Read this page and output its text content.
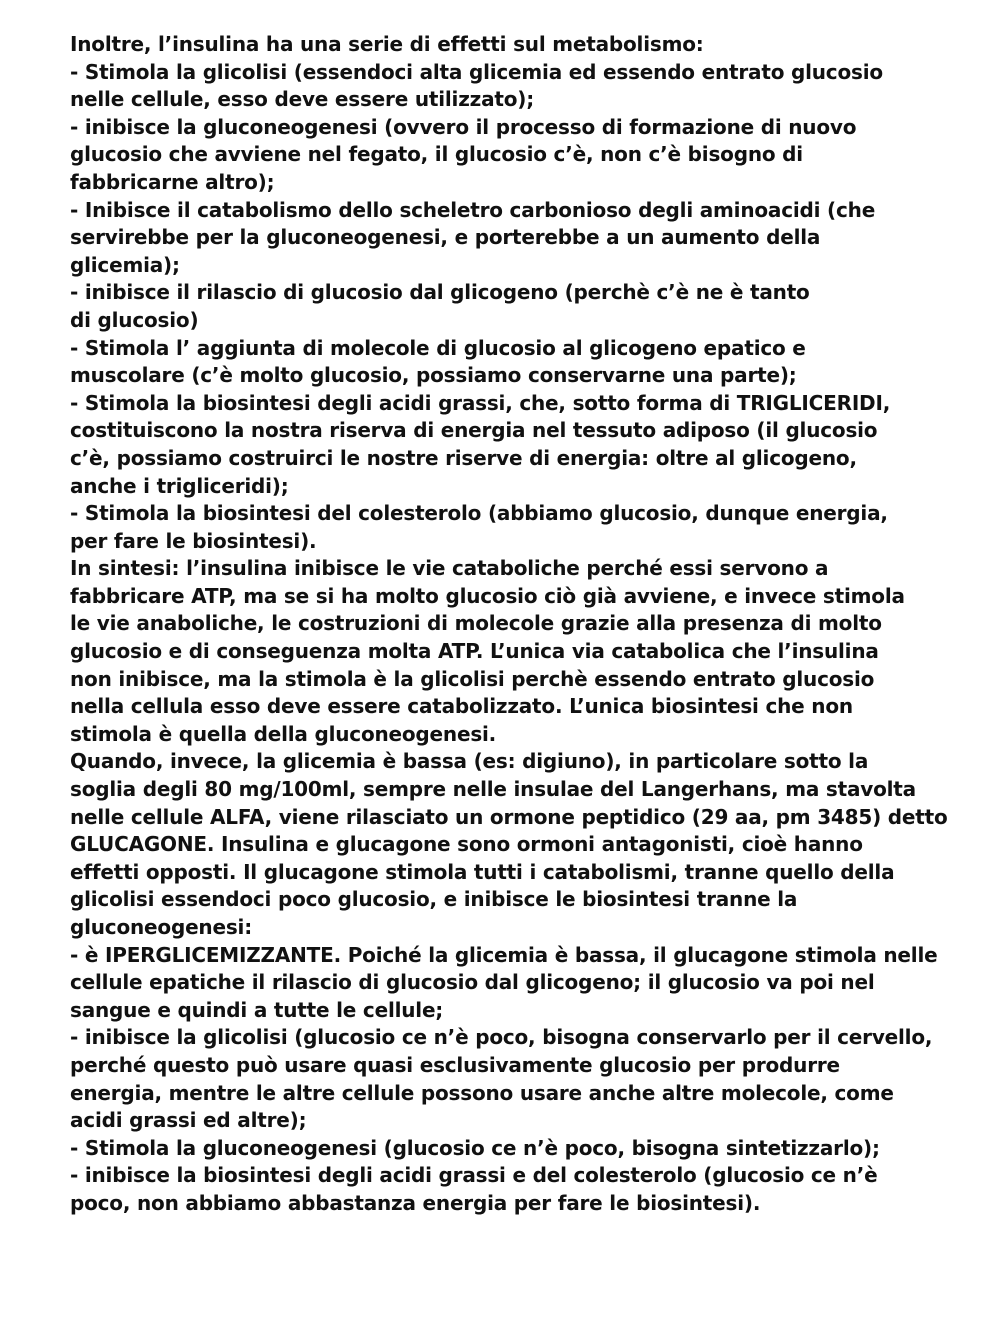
Inoltre, l’insulina ha una serie di effetti sul metabolismo:
- Stimola la glicolisi (essendoci alta glicemia ed essendo entrato glucosio
nelle cellule, esso deve essere utilizzato);
- inibisce la gluconeogenesi (ovvero il processo di formazione di nuovo
glucosio che avviene nel fegato, il glucosio c’è, non c’è bisogno di
fabbricarne altro);
- Inibisce il catabolismo dello scheletro carbonioso degli aminoacidi (che
servirebbe per la gluconeogenesi, e porterebbe a un aumento della
glicemia);
- inibisce il rilascio di glucosio dal glicogeno (perchè c’è ne è tanto
di glucosio)
- Stimola l’ aggiunta di molecole di glucosio al glicogeno epatico e
muscolare (c’è molto glucosio, possiamo conservarne una parte);
- Stimola la biosintesi degli acidi grassi, che, sotto forma di TRIGLICERIDI,
costituiscono la nostra riserva di energia nel tessuto adiposo (il glucosio
c’è, possiamo costruirci le nostre riserve di energia: oltre al glicogeno,
anche i trigliceridi);
- Stimola la biosintesi del colesterolo (abbiamo glucosio, dunque energia,
per fare le biosintesi).
In sintesi: l’insulina inibisce le vie cataboliche perché essi servono a
fabbricare ATP, ma se si ha molto glucosio ciò già avviene, e invece stimola
le vie anaboliche, le costruzioni di molecole grazie alla presenza di molto
glucosio e di conseguenza molta ATP. L’unica via catabolica che l’insulina
non inibisce, ma la stimola è la glicolisi perchè essendo entrato glucosio
nella cellula esso deve essere catabolizzato. L’unica biosintesi che non
stimola è quella della gluconeogenesi.
Quando, invece, la glicemia è bassa (es: digiuno), in particolare sotto la
soglia degli 80 mg/100ml, sempre nelle insulae del Langerhans, ma stavolta
nelle cellule ALFA, viene rilasciato un ormone peptidico (29 aa, pm 3485) detto
GLUCAGONE. Insulina e glucagone sono ormoni antagonisti, cioè hanno
effetti opposti. Il glucagone stimola tutti i catabolismi, tranne quello della
glicolisi essendoci poco glucosio, e inibisce le biosintesi tranne la
gluconeogenesi:
- è IPERGLICEMIZZANTE. Poiché la glicemia è bassa, il glucagone stimola nelle
cellule epatiche il rilascio di glucosio dal glicogeno; il glucosio va poi nel
sangue e quindi a tutte le cellule;
- inibisce la glicolisi (glucosio ce n’è poco, bisogna conservarlo per il cervello,
perché questo può usare quasi esclusivamente glucosio per produrre
energia, mentre le altre cellule possono usare anche altre molecole, come
acidi grassi ed altre);
- Stimola la gluconeogenesi (glucosio ce n’è poco, bisogna sintetizzarlo);
- inibisce la biosintesi degli acidi grassi e del colesterolo (glucosio ce n’è
poco, non abbiamo abbastanza energia per fare le biosintesi).
